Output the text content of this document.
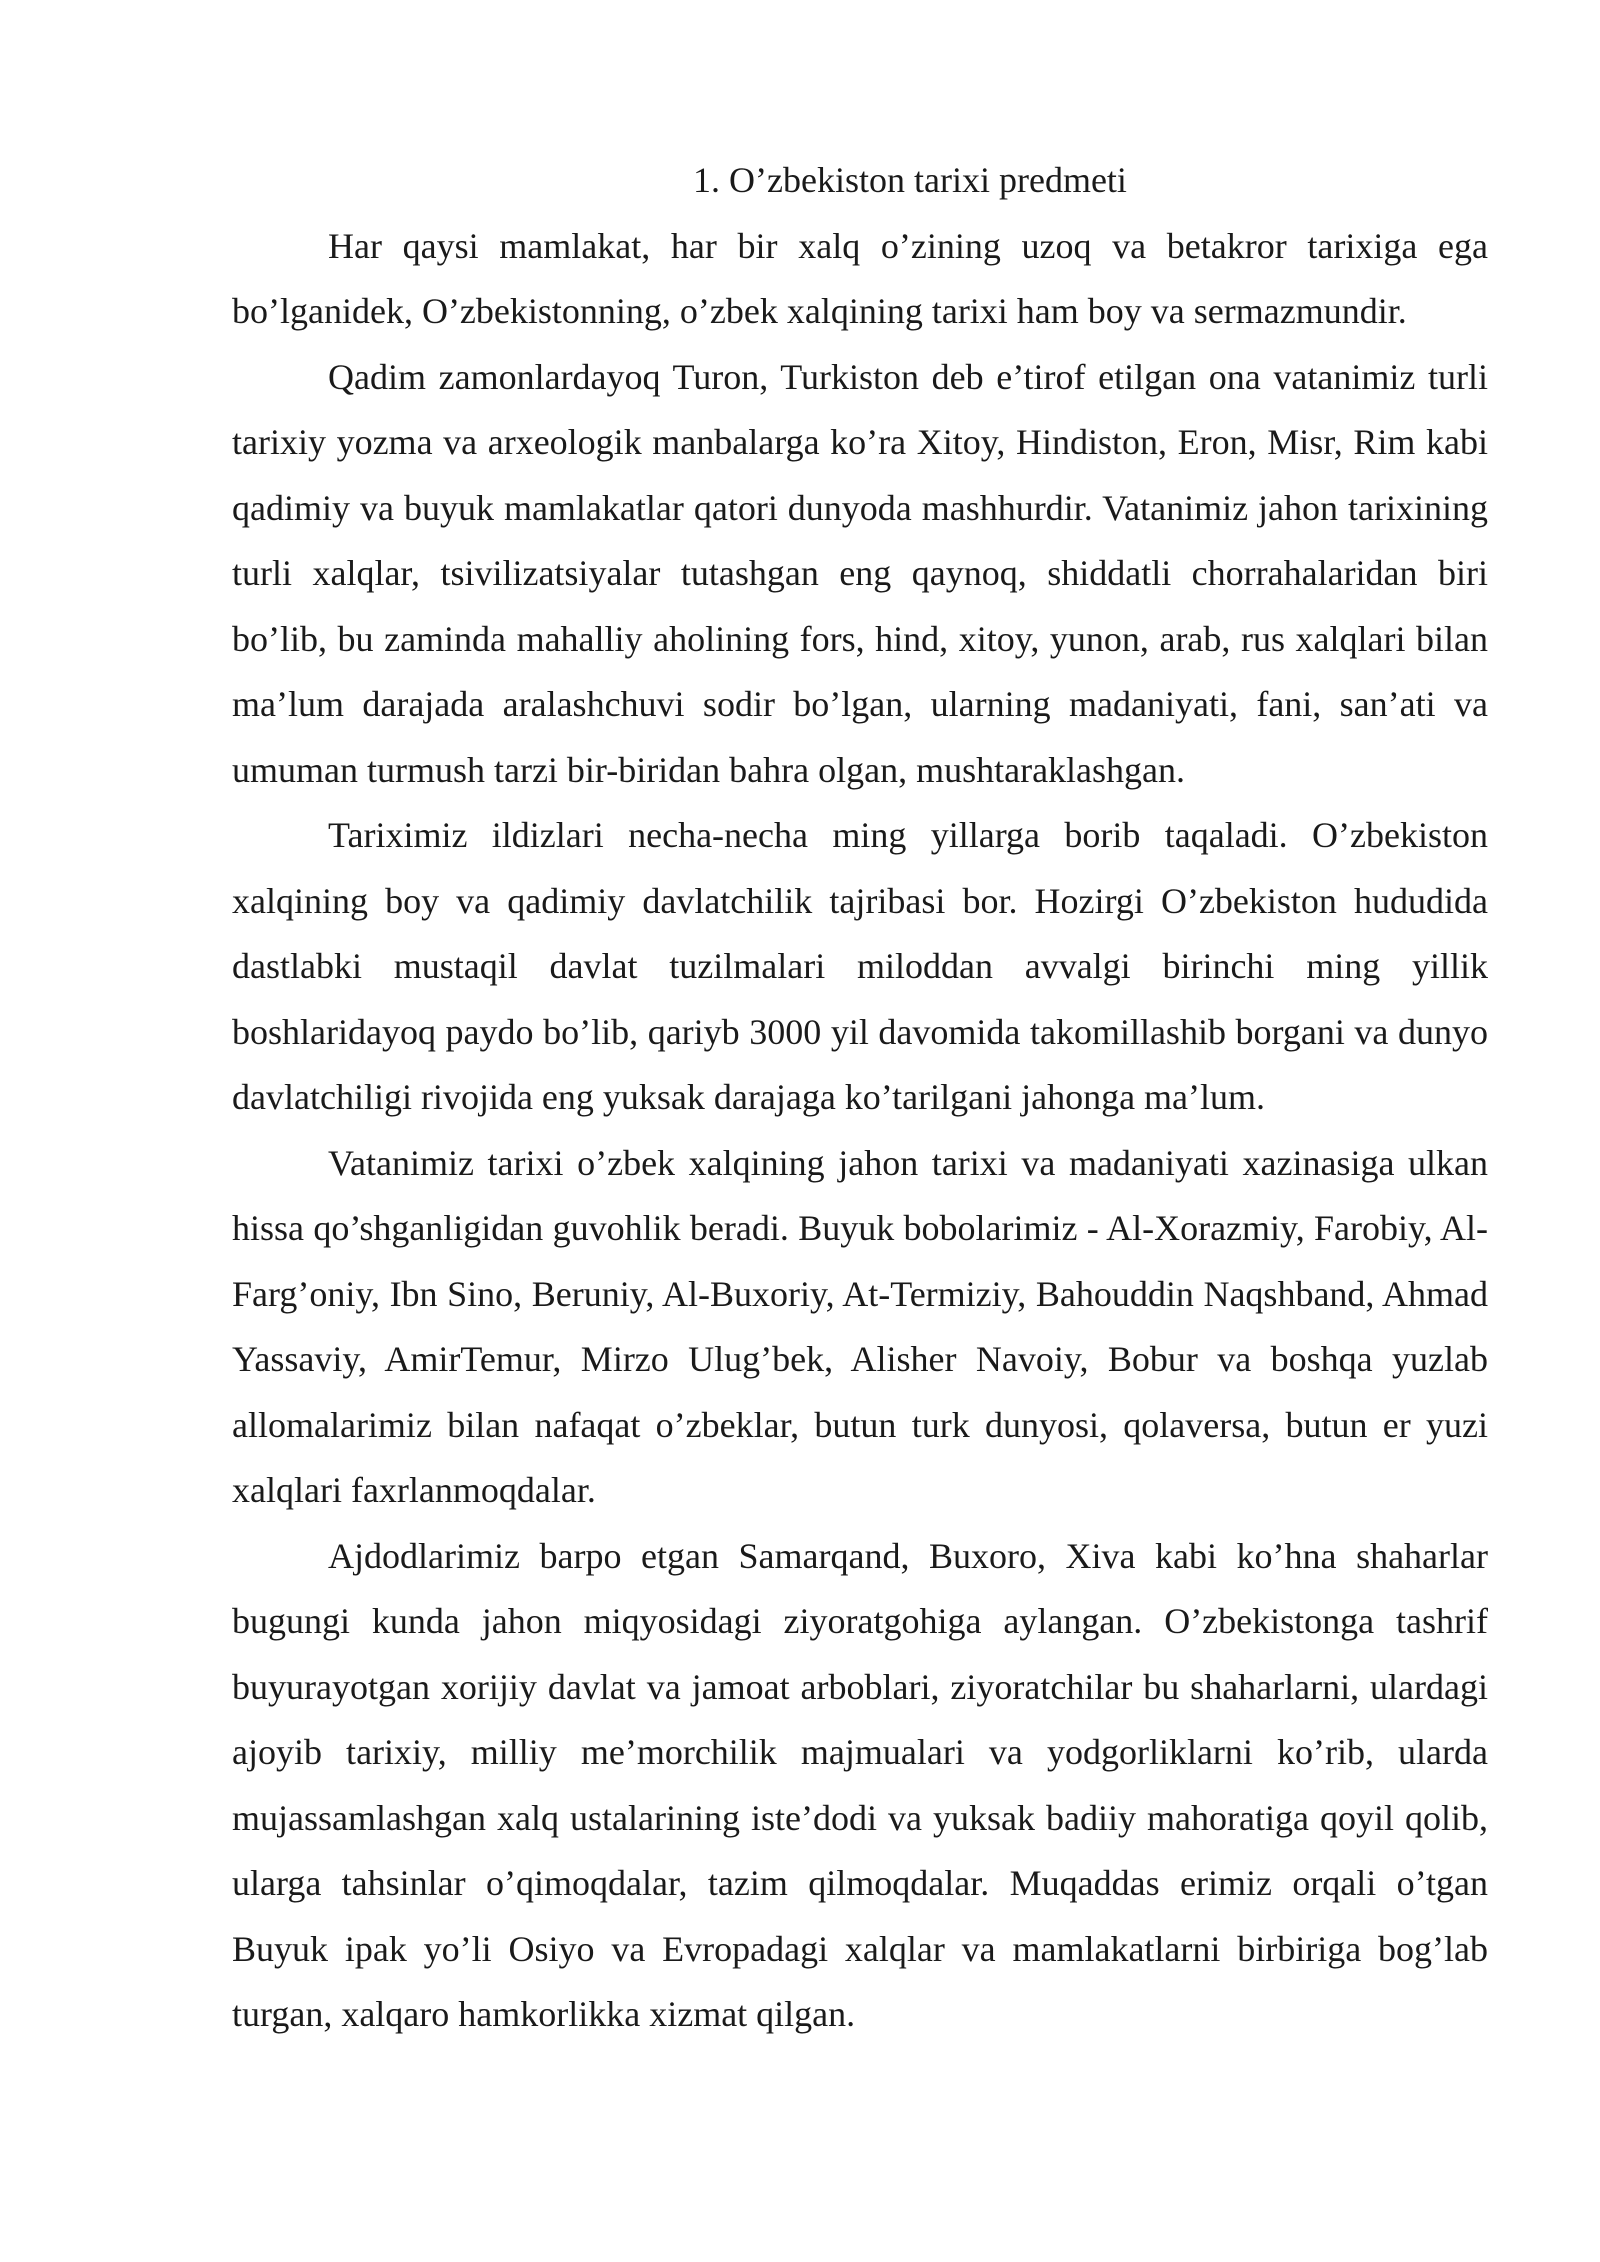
1. O’zbekiston tarixi predmeti

Har qaysi mamlakat, har bir xalq o’zining uzoq va betakror tarixiga ega bo’lganidek, O’zbekistonning, o’zbek xalqining tarixi ham boy va sermazmundir.

Qadim zamonlardayoq Turon, Turkiston deb e’tirof etilgan ona vatanimiz turli tarixiy yozma va arxeologik manbalarga ko’ra Xitoy, Hindiston, Eron, Misr, Rim kabi qadimiy va buyuk mamlakatlar qatori dunyoda mashhurdir. Vatanimiz jahon tarixining turli xalqlar, tsivilizatsiyalar tutashgan eng qaynoq, shiddatli chorrahalaridan biri bo’lib, bu zaminda mahalliy aholining fors, hind, xitoy, yunon, arab, rus xalqlari bilan ma’lum darajada aralashchuvi sodir bo’lgan, ularning madaniyati, fani, san’ati va umuman turmush tarzi bir-biridan bahra olgan, mushtaraklashgan.

Tariximiz ildizlari necha-necha ming yillarga borib taqaladi. O’zbekiston xalqining boy va qadimiy davlatchilik tajribasi bor. Hozirgi O’zbekiston hududida dastlabki mustaqil davlat tuzilmalari miloddan avvalgi birinchi ming yillik boshlaridayoq paydo bo’lib, qariyb 3000 yil davomida takomillashib borgani va dunyo davlatchiligi rivojida eng yuksak darajaga ko’tarilgani jahonga ma’lum.

Vatanimiz tarixi o’zbek xalqining jahon tarixi va madaniyati xazinasiga ulkan hissa qo’shganligidan guvohlik beradi. Buyuk bobolarimiz - Al-Xorazmiy, Farobiy, Al-Farg’oniy, Ibn Sino, Beruniy, Al-Buxoriy, At-Termiziy, Bahouddin Naqshband, Ahmad Yassaviy, AmirTemur, Mirzo Ulug’bek, Alisher Navoiy, Bobur va boshqa yuzlab allomalarimiz bilan nafaqat o’zbeklar, butun turk dunyosi, qolaversa, butun er yuzi xalqlari faxrlanmoqdalar.

Ajdodlarimiz barpo etgan Samarqand, Buxoro, Xiva kabi ko’hna shaharlar bugungi kunda jahon miqyosidagi ziyoratgohiga aylangan. O’zbekistonga tashrif buyurayotgan xorijiy davlat va jamoat arboblari, ziyoratchilar bu shaharlarni, ulardagi ajoyib tarixiy, milliy me’morchilik majmualari va yodgorliklarni ko’rib, ularda mujassamlashgan xalq ustalarining iste’dodi va yuksak badiiy mahoratiga qoyil qolib, ularga tahsinlar o’qimoqdalar, tazim qilmoqdalar. Muqaddas erimiz orqali o’tgan Buyuk ipak yo’li Osiyo va Evropadagi xalqlar va mamlakatlarni birbiriga bog’lab turgan, xalqaro hamkorlikka xizmat qilgan.
